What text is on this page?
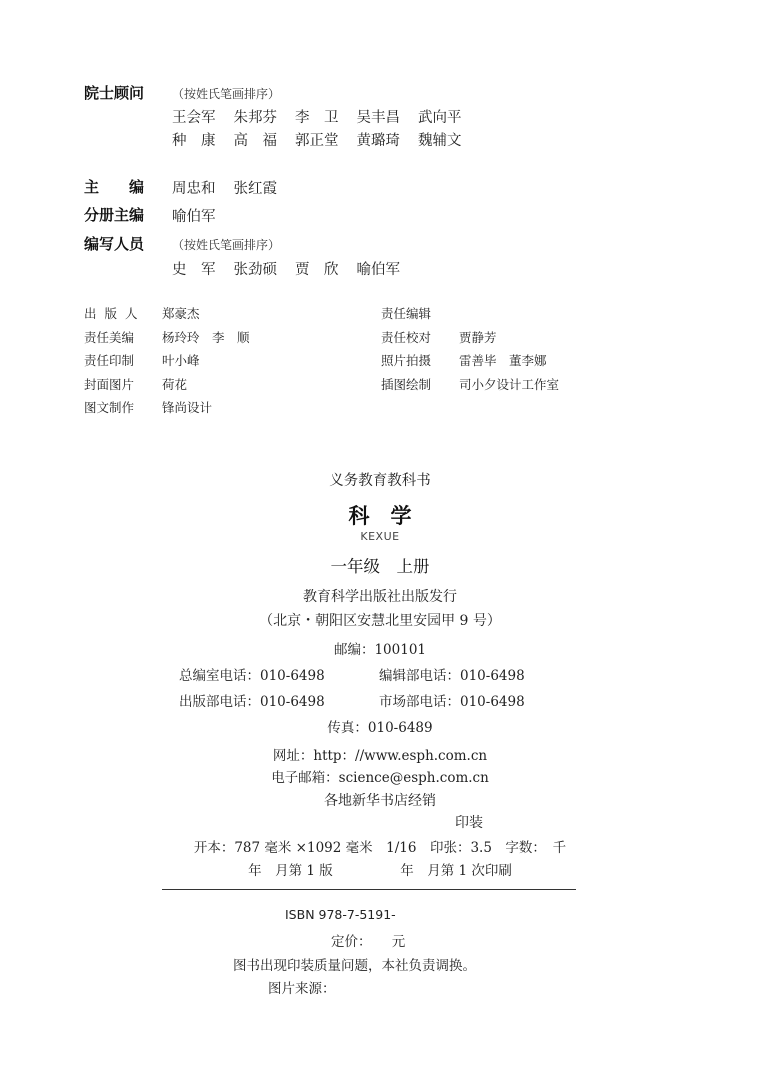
院士顾问 （按姓氏笔画排序）
王会军 朱邦芬 李　卫 吴丰昌 武向平
种　康 高　福 郭正堂 黄璐琦 魏辅文
主　　编 周忠和 张红霞
分册主编 喻伯军
编写人员 （按姓氏笔画排序）
史　军 张劲硕 贾　欣 喻伯军
出版人 郑豪杰
责任美编 杨玲玲　李　顺
责任印制 叶小峰
封面图片 荷花
图文制作 锋尚设计
责任编辑
责任校对 贾静芳
照片拍摄 雷善毕　董李娜
插图绘制 司小夕设计工作室
义务教育教科书
科　学
KEXUE
一年级　上册
教育科学出版社出版发行
（北京・朝阳区安慧北里安园甲 9 号）
邮编：100101
总编室电话：010-6498	编辑部电话：010-6498
出版部电话：010-6498	市场部电话：010-6498
传真：010-6489
网址：http：//www.esph.com.cn
电子邮箱：science@esph.com.cn
各地新华书店经销
印装
开本：787 毫米 ×1092 毫米　1/16　印张：3.5　字数：　千
年　月第 1 版　　　　　年　月第 1 次印刷
ISBN 978-7-5191-
定价：　　元
图书出现印装质量问题，本社负责调换。
图片来源：
